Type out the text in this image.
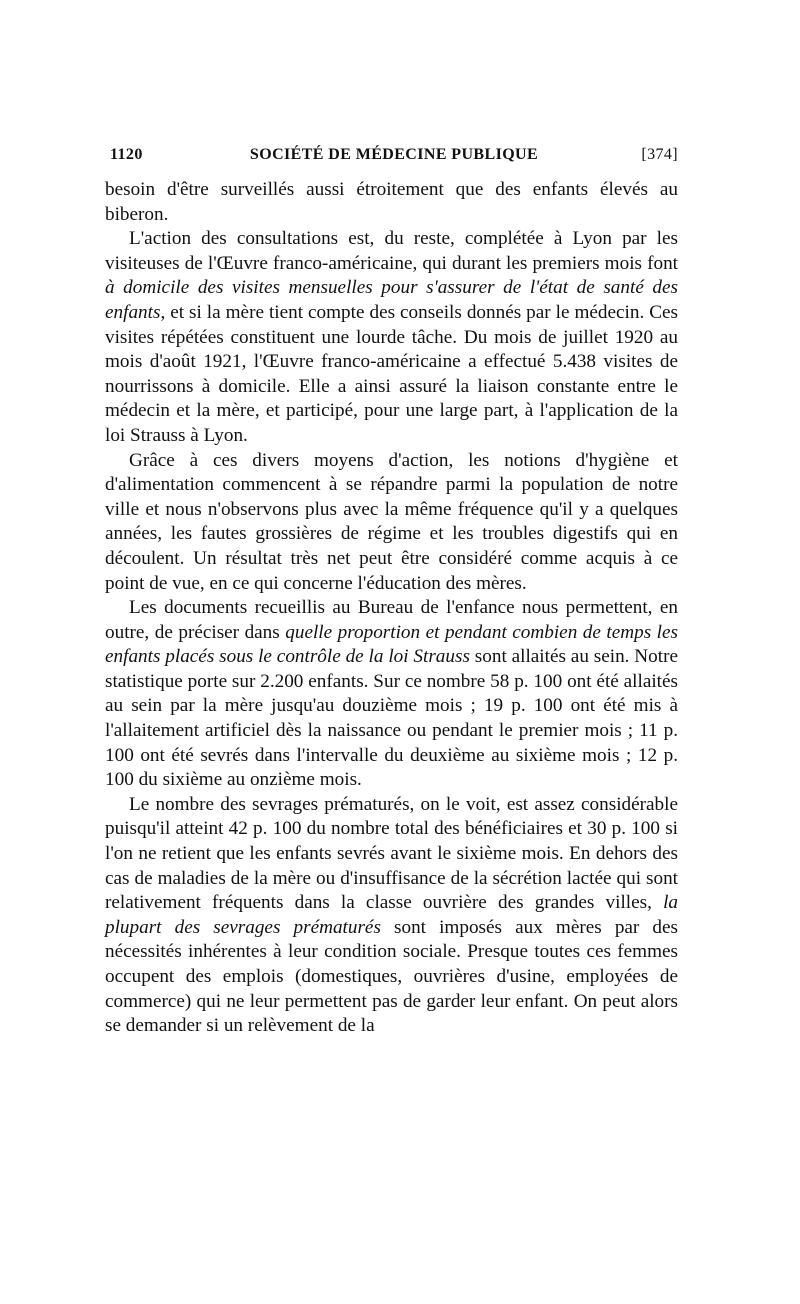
1120	SOCIÉTÉ DE MÉDECINE PUBLIQUE	[374]

besoin d'être surveillés aussi étroitement que des enfants élevés au biberon.

L'action des consultations est, du reste, complétée à Lyon par les visiteuses de l'Œuvre franco-américaine, qui durant les premiers mois font à domicile des visites mensuelles pour s'assurer de l'état de santé des enfants, et si la mère tient compte des conseils donnés par le médecin. Ces visites répétées constituent une lourde tâche. Du mois de juillet 1920 au mois d'août 1921, l'Œuvre franco-américaine a effectué 5.438 visites de nourrissons à domicile. Elle a ainsi assuré la liaison constante entre le médecin et la mère, et participé, pour une large part, à l'application de la loi Strauss à Lyon.

Grâce à ces divers moyens d'action, les notions d'hygiène et d'alimentation commencent à se répandre parmi la population de notre ville et nous n'observons plus avec la même fréquence qu'il y a quelques années, les fautes grossières de régime et les troubles digestifs qui en découlent. Un résultat très net peut être considéré comme acquis à ce point de vue, en ce qui concerne l'éducation des mères.

Les documents recueillis au Bureau de l'enfance nous permettent, en outre, de préciser dans quelle proportion et pendant combien de temps les enfants placés sous le contrôle de la loi Strauss sont allaités au sein. Notre statistique porte sur 2.200 enfants. Sur ce nombre 58 p. 100 ont été allaités au sein par la mère jusqu'au douzième mois ; 19 p. 100 ont été mis à l'allaitement artificiel dès la naissance ou pendant le premier mois ; 11 p. 100 ont été sevrés dans l'intervalle du deuxième au sixième mois ; 12 p. 100 du sixième au onzième mois.

Le nombre des sevrages prématurés, on le voit, est assez considérable puisqu'il atteint 42 p. 100 du nombre total des bénéficiaires et 30 p. 100 si l'on ne retient que les enfants sevrés avant le sixième mois. En dehors des cas de maladies de la mère ou d'insuffisance de la sécrétion lactée qui sont relativement fréquents dans la classe ouvrière des grandes villes, la plupart des sevrages prématurés sont imposés aux mères par des nécessités inhérentes à leur condition sociale. Presque toutes ces femmes occupent des emplois (domestiques, ouvrières d'usine, employées de commerce) qui ne leur permettent pas de garder leur enfant. On peut alors se demander si un relèvement de la
